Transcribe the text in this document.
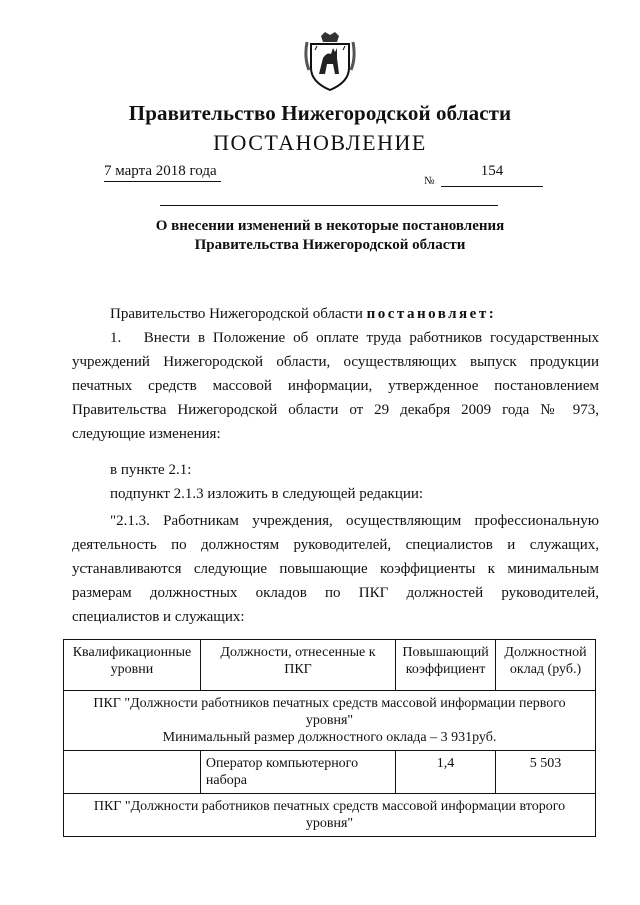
Правительство Нижегородской области
ПОСТАНОВЛЕНИЕ
7 марта 2018 года
№
154
О внесении изменений в некоторые постановления
Правительства Нижегородской области
Правительство Нижегородской области постановляет:
1.  Внести в Положение об оплате труда работников государственных
учреждений Нижегородской области, осуществляющих выпуск продукции
печатных средств массовой информации, утвержденное постановлением
Правительства Нижегородской области от 29 декабря 2009 года № 973,
следующие изменения:
в пункте 2.1:
подпункт 2.1.3 изложить в следующей редакции:
"2.1.3. Работникам учреждения, осуществляющим профессиональную
деятельность по должностям руководителей, специалистов и служащих,
устанавливаются следующие повышающие коэффициенты к минимальным
размерам должностных окладов по ПКГ должностей руководителей,
специалистов и служащих:
Квалификационные уровни	Должности, отнесенные к ПКГ	Повышающий коэффициент	Должностной оклад (руб.)

ПКГ "Должности работников печатных средств массовой информации первого уровня"
Минимальный размер должностного оклада – 3 931руб.			

	Оператор компьютерного набора	1,4	5 503
ПКГ "Должности работников печатных средств массовой информации второго уровня"			
